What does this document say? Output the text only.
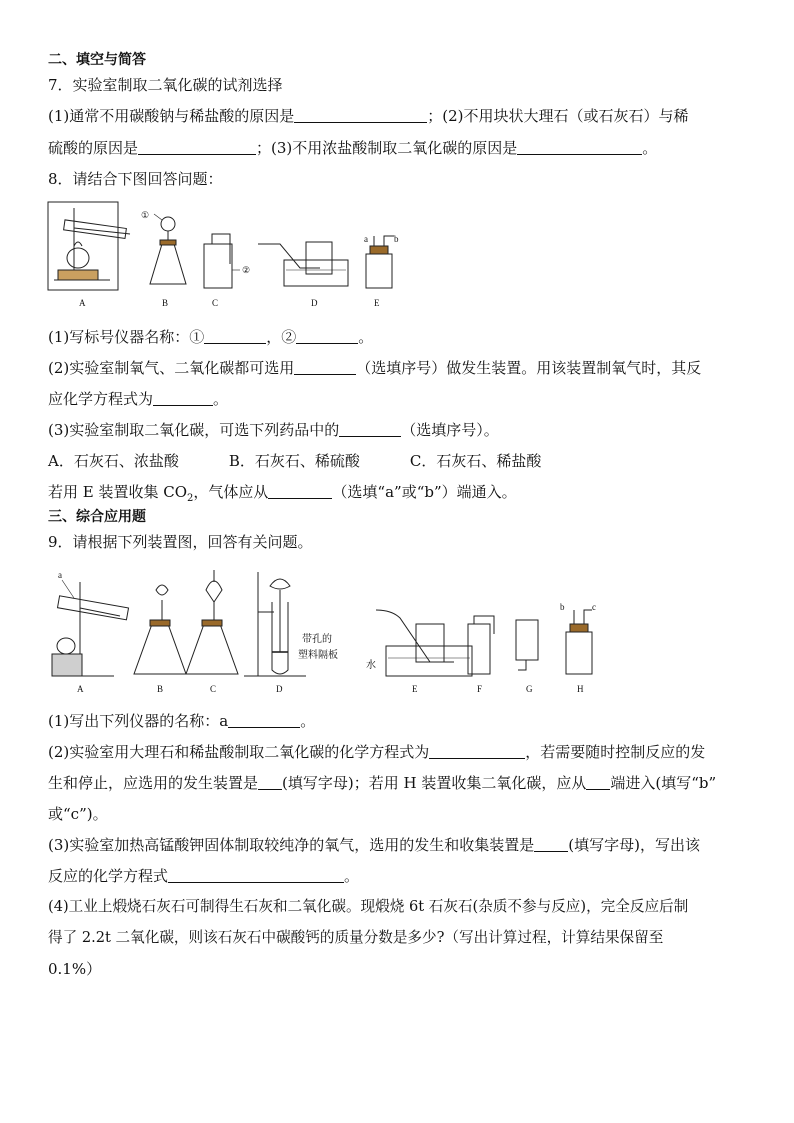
二、填空与简答
7．实验室制取二氧化碳的试剂选择
(1)通常不用碳酸钠与稀盐酸的原因是	；(2)不用块状大理石（或石灰石）与稀
硫酸的原因是	；(3)不用浓盐酸制取二氧化碳的原因是	。
8．请结合下图回答问题：
A	B	C	D	E
①
②
a	b
(1)写标号仪器名称：①	，②	。
(2)实验室制氧气、二氧化碳都可选用	（选填序号）做发生装置。用该装置制氧气时，其反
应化学方程式为	。
(3)实验室制取二氧化碳，可选下列药品中的	（选填序号）。
A．石灰石、浓盐酸	B．石灰石、稀硫酸	C．石灰石、稀盐酸
若用 E 装置收集 $CO_2$，气体应从	（选填“a”或“b”）端通入。
三、综合应用题
9．请根据下列装置图，回答有关问题。
A	B	C	D	E	F	G	H
a
b	c
水
带孔的
塑料隔板
(1)写出下列仪器的名称：a	。
(2)实验室用大理石和稀盐酸制取二氧化碳的化学方程式为	，若需要随时控制反应的发
生和停止，应选用的发生装置是 (填写字母)；若用 H 装置收集二氧化碳，应从 端进入(填写“b”
或“c”)。
(3)实验室加热高锰酸钾固体制取较纯净的氧气，选用的发生和收集装置是 (填写字母)，写出该
反应的化学方程式	。
(4)工业上煅烧石灰石可制得生石灰和二氧化碳。现煅烧 6t 石灰石(杂质不参与反应)，完全反应后制
得了 2.2t 二氧化碳，则该石灰石中碳酸钙的质量分数是多少?（写出计算过程，计算结果保留至
0.1%）
